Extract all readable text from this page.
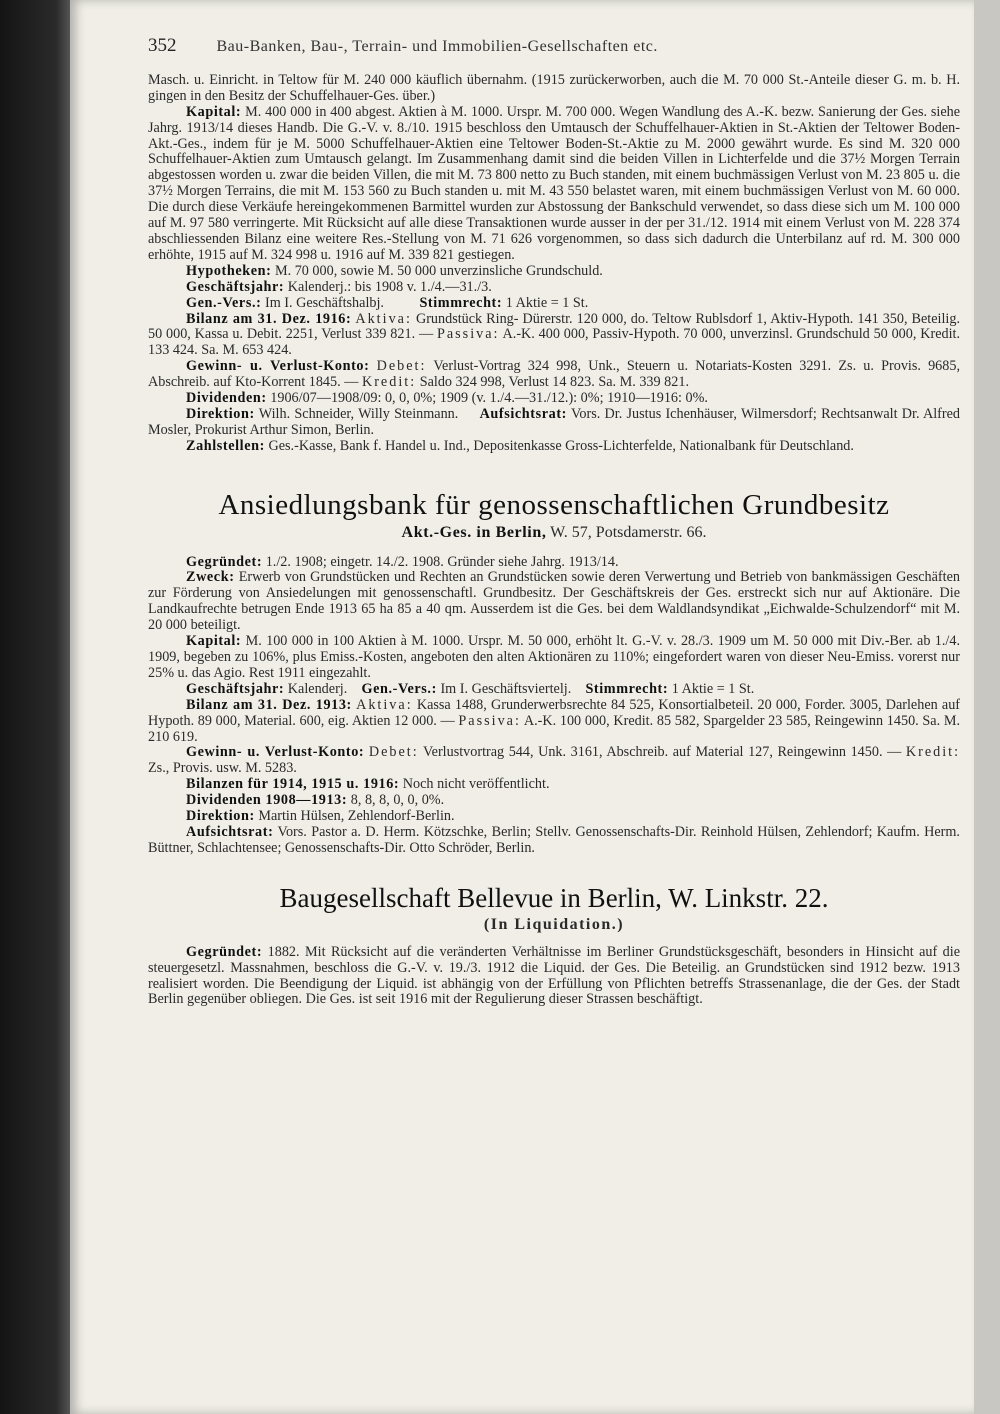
352	Bau-Banken, Bau-, Terrain- und Immobilien-Gesellschaften etc.

Masch. u. Einricht. in Teltow für M. 240 000 käuflich übernahm. (1915 zurückerworben, auch die M. 70 000 St.-Anteile dieser G. m. b. H. gingen in den Besitz der Schuffelhauer-Ges. über.)

Kapital: M. 400 000 in 400 abgest. Aktien à M. 1000. Urspr. M. 700 000. Wegen Wandlung des A.-K. bezw. Sanierung der Ges. siehe Jahrg. 1913/14 dieses Handb. Die G.-V. v. 8./10. 1915 beschloss den Umtausch der Schuffelhauer-Aktien in St.-Aktien der Teltower Boden-Akt.-Ges., indem für je M. 5000 Schuffelhauer-Aktien eine Teltower Boden-St.-Aktie zu M. 2000 gewährt wurde. Es sind M. 320 000 Schuffelhauer-Aktien zum Umtausch gelangt. Im Zusammenhang damit sind die beiden Villen in Lichterfelde und die 37½ Morgen Terrain abgestossen worden u. zwar die beiden Villen, die mit M. 73 800 netto zu Buch standen, mit einem buchmässigen Verlust von M. 23 805 u. die 37½ Morgen Terrains, die mit M. 153 560 zu Buch standen u. mit M. 43 550 belastet waren, mit einem buchmässigen Verlust von M. 60 000. Die durch diese Verkäufe hereingekommenen Barmittel wurden zur Abstossung der Bankschuld verwendet, so dass diese sich um M. 100 000 auf M. 97 580 verringerte. Mit Rücksicht auf alle diese Transaktionen wurde ausser in der per 31./12. 1914 mit einem Verlust von M. 228 374 abschliessenden Bilanz eine weitere Res.-Stellung von M. 71 626 vorgenommen, so dass sich dadurch die Unterbilanz auf rd. M. 300 000 erhöhte, 1915 auf M. 324 998 u. 1916 auf M. 339 821 gestiegen.

Hypotheken: M. 70 000, sowie M. 50 000 unverzinsliche Grundschuld.

Geschäftsjahr: Kalenderj.: bis 1908 v. 1./4.—31./3.

Gen.-Vers.: Im I. Geschäftshalbj. Stimmrecht: 1 Aktie = 1 St.

Bilanz am 31. Dez. 1916: Aktiva: Grundstück Ring- Dürerstr. 120 000, do. Teltow Rublsdorf 1, Aktiv-Hypoth. 141 350, Beteilig. 50 000, Kassa u. Debit. 2251, Verlust 339 821. — Passiva: A.-K. 400 000, Passiv-Hypoth. 70 000, unverzinsl. Grundschuld 50 000, Kredit. 133 424. Sa. M. 653 424.

Gewinn- u. Verlust-Konto: Debet: Verlust-Vortrag 324 998, Unk., Steuern u. Notariats-Kosten 3291. Zs. u. Provis. 9685, Abschreib. auf Kto-Korrent 1845. — Kredit: Saldo 324 998, Verlust 14 823. Sa. M. 339 821.

Dividenden: 1906/07—1908/09: 0, 0, 0%; 1909 (v. 1./4.—31./12.): 0%; 1910—1916: 0%.

Direktion: Wilh. Schneider, Willy Steinmann. Aufsichtsrat: Vors. Dr. Justus Ichenhäuser, Wilmersdorf; Rechtsanwalt Dr. Alfred Mosler, Prokurist Arthur Simon, Berlin.

Zahlstellen: Ges.-Kasse, Bank f. Handel u. Ind., Depositenkasse Gross-Lichterfelde, Nationalbank für Deutschland.

Ansiedlungsbank für genossenschaftlichen Grundbesitz
Akt.-Ges. in Berlin, W. 57, Potsdamerstr. 66.

Gegründet: 1./2. 1908; eingetr. 14./2. 1908. Gründer siehe Jahrg. 1913/14.

Zweck: Erwerb von Grundstücken und Rechten an Grundstücken sowie deren Verwertung und Betrieb von bankmässigen Geschäften zur Förderung von Ansiedelungen mit genossenschaftl. Grundbesitz. Der Geschäftskreis der Ges. erstreckt sich nur auf Aktionäre. Die Landkaufrechte betrugen Ende 1913 65 ha 85 a 40 qm. Ausserdem ist die Ges. bei dem Waldlandsyndikat „Eichwalde-Schulzendorf“ mit M. 20 000 beteiligt.

Kapital: M. 100 000 in 100 Aktien à M. 1000. Urspr. M. 50 000, erhöht lt. G.-V. v. 28./3. 1909 um M. 50 000 mit Div.-Ber. ab 1./4. 1909, begeben zu 106%, plus Emiss.-Kosten, angeboten den alten Aktionären zu 110%; eingefordert waren von dieser Neu-Emiss. vorerst nur 25% u. das Agio. Rest 1911 eingezahlt.

Geschäftsjahr: Kalenderj. Gen.-Vers.: Im I. Geschäftsviertelj. Stimmrecht: 1 Aktie = 1 St.

Bilanz am 31. Dez. 1913: Aktiva: Kassa 1488, Grunderwerbsrechte 84 525, Konsortialbeteil. 20 000, Forder. 3005, Darlehen auf Hypoth. 89 000, Material. 600, eig. Aktien 12 000. — Passiva: A.-K. 100 000, Kredit. 85 582, Spargelder 23 585, Reingewinn 1450. Sa. M. 210 619.

Gewinn- u. Verlust-Konto: Debet: Verlustvortrag 544, Unk. 3161, Abschreib. auf Material 127, Reingewinn 1450. — Kredit: Zs., Provis. usw. M. 5283.

Bilanzen für 1914, 1915 u. 1916: Noch nicht veröffentlicht.

Dividenden 1908—1913: 8, 8, 8, 0, 0, 0%.

Direktion: Martin Hülsen, Zehlendorf-Berlin.

Aufsichtsrat: Vors. Pastor a. D. Herm. Kötzschke, Berlin; Stellv. Genossenschafts-Dir. Reinhold Hülsen, Zehlendorf; Kaufm. Herm. Büttner, Schlachtensee; Genossenschafts-Dir. Otto Schröder, Berlin.

Baugesellschaft Bellevue in Berlin, W. Linkstr. 22.
(In Liquidation.)

Gegründet: 1882. Mit Rücksicht auf die veränderten Verhältnisse im Berliner Grundstücksgeschäft, besonders in Hinsicht auf die steuergesetzl. Massnahmen, beschloss die G.-V. v. 19./3. 1912 die Liquid. der Ges. Die Beteilig. an Grundstücken sind 1912 bezw. 1913 realisiert worden. Die Beendigung der Liquid. ist abhängig von der Erfüllung von Pflichten betreffs Strassenanlage, die der Ges. der Stadt Berlin gegenüber obliegen. Die Ges. ist seit 1916 mit der Regulierung dieser Strassen beschäftigt.
